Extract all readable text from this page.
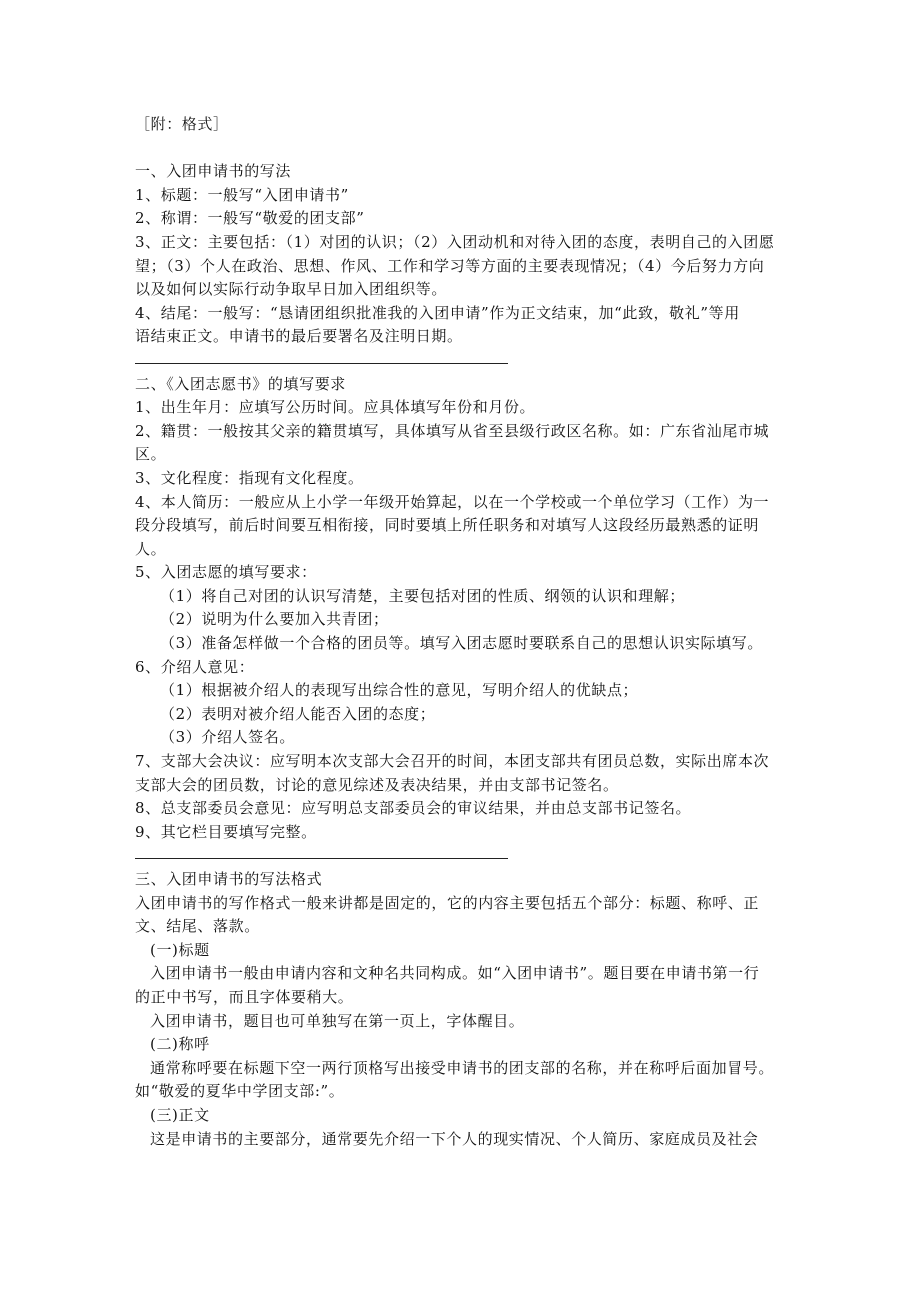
［附：格式］
一、入团申请书的写法
1、标题：一般写“入团申请书”
2、称谓：一般写“敬爱的团支部”
3、正文：主要包括：（1）对团的认识；（2）入团动机和对待入团的态度，表明自己的入团愿
望；（3）个人在政治、思想、作风、工作和学习等方面的主要表现情况；（4）今后努力方向
以及如何以实际行动争取早日加入团组织等。
4、结尾：一般写：“恳请团组织批准我的入团申请”作为正文结束，加“此致，敬礼”等用
语结束正文。申请书的最后要署名及注明日期。
二、《入团志愿书》的填写要求
1、出生年月：应填写公历时间。应具体填写年份和月份。
2、籍贯：一般按其父亲的籍贯填写，具体填写从省至县级行政区名称。如：广东省汕尾市城
区。
3、文化程度：指现有文化程度。
4、本人简历：一般应从上小学一年级开始算起，以在一个学校或一个单位学习（工作）为一
段分段填写，前后时间要互相衔接，同时要填上所任职务和对填写人这段经历最熟悉的证明
人。
5、入团志愿的填写要求：
（1）将自己对团的认识写清楚，主要包括对团的性质、纲领的认识和理解；
（2）说明为什么要加入共青团；
（3）准备怎样做一个合格的团员等。填写入团志愿时要联系自己的思想认识实际填写。
6、介绍人意见：
（1）根据被介绍人的表现写出综合性的意见，写明介绍人的优缺点；
（2）表明对被介绍人能否入团的态度；
（3）介绍人签名。
7、支部大会决议：应写明本次支部大会召开的时间，本团支部共有团员总数，实际出席本次
支部大会的团员数，讨论的意见综述及表决结果，并由支部书记签名。
8、总支部委员会意见：应写明总支部委员会的审议结果，并由总支部书记签名。
9、其它栏目要填写完整。
三、入团申请书的写法格式
入团申请书的写作格式一般来讲都是固定的，它的内容主要包括五个部分：标题、称呼、正
文、结尾、落款。
(一)标题
入团申请书一般由申请内容和文种名共同构成。如“入团申请书”。题目要在申请书第一行
的正中书写，而且字体要稍大。
入团申请书，题目也可单独写在第一页上，字体醒目。
(二)称呼
通常称呼要在标题下空一两行顶格写出接受申请书的团支部的名称，并在称呼后面加冒号。
如“敬爱的夏华中学团支部:”。
(三)正文
这是申请书的主要部分，通常要先介绍一下个人的现实情况、个人简历、家庭成员及社会
